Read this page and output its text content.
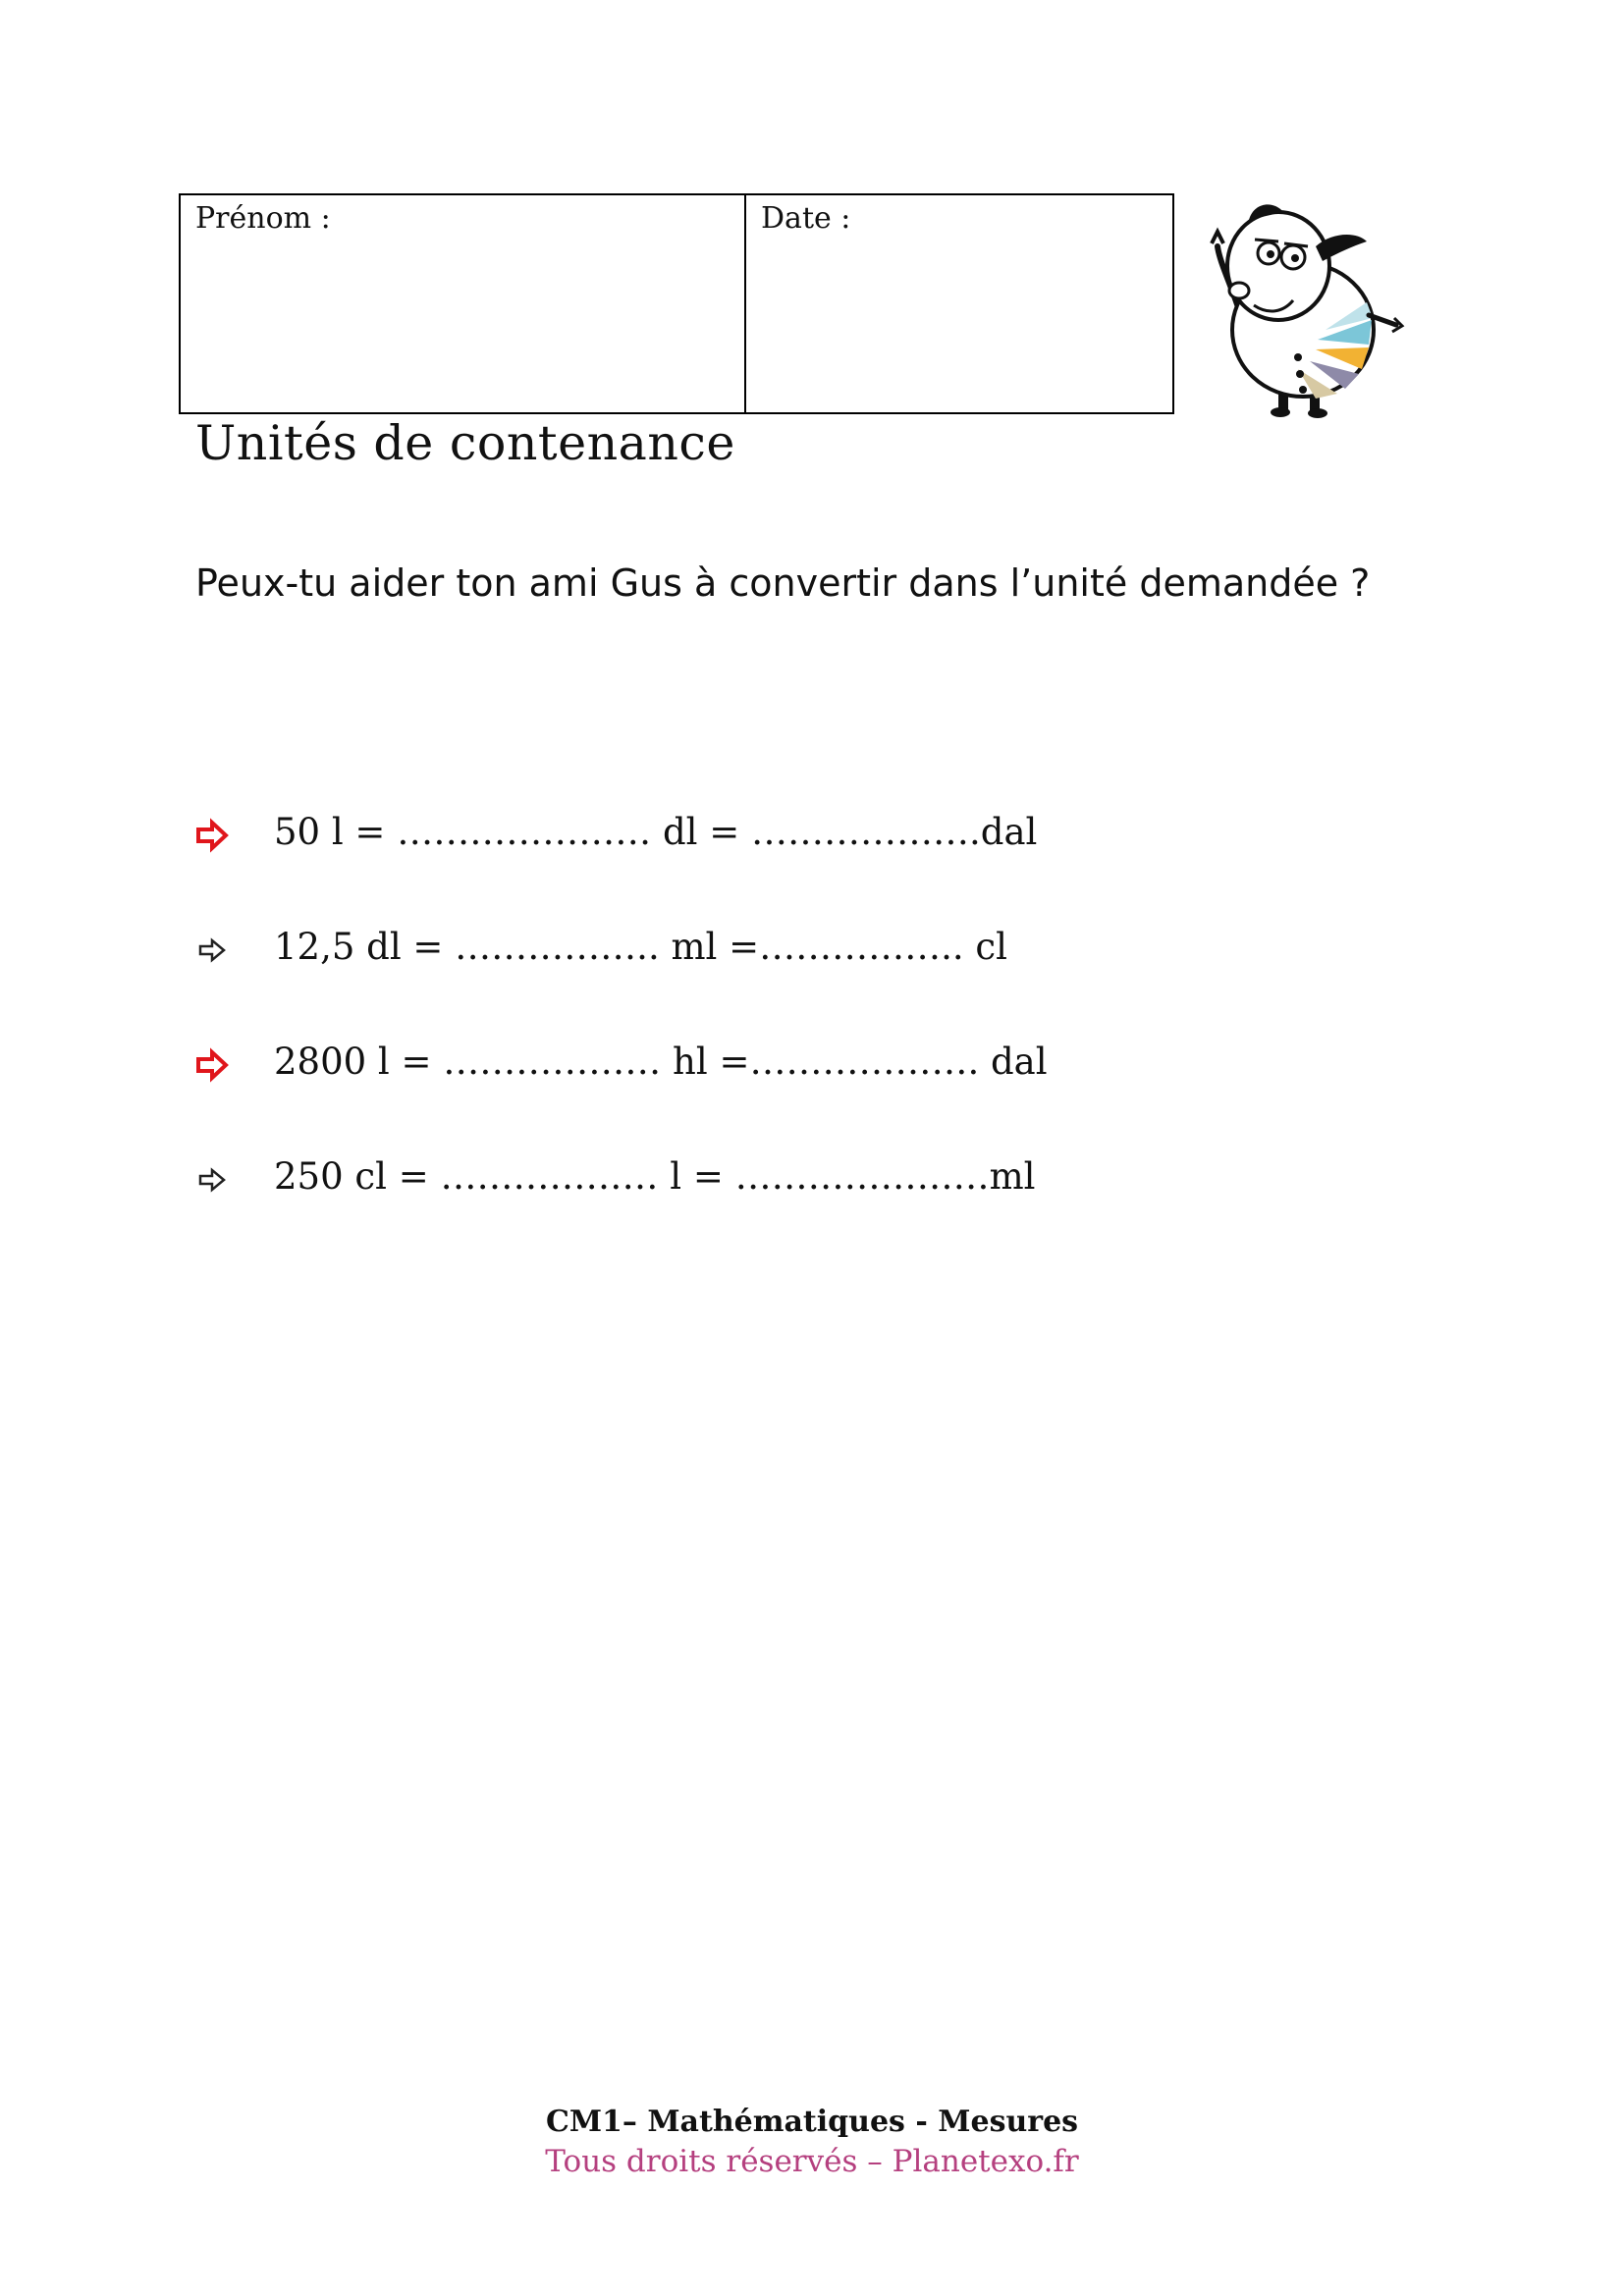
Prénom :	Date :
Unités de contenance
Peux-tu aider ton ami Gus à convertir dans l’unité demandée ?
50 l = ………………… dl = ……………….dal
12,5 dl = …………….. ml =…………….. cl
2800 l = ……………… hl =………………. dal
250 cl = ……………… l = …………………ml
CM1– Mathématiques - Mesures
Tous droits réservés – Planetexo.fr
